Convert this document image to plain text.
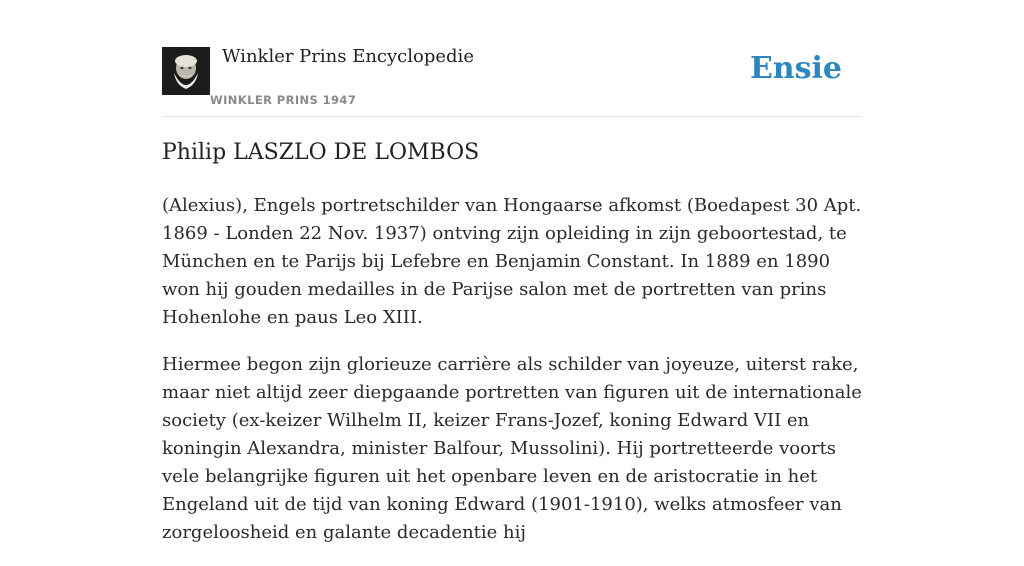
Winkler Prins Encyclopedie
WINKLER PRINS 1947
Ensie
Philip LASZLO DE LOMBOS

(Alexius), Engels portretschilder van Hongaarse afkomst (Boedapest 30 Apt. 1869 - Londen 22 Nov. 1937) ontving zijn opleiding in zijn geboortestad, te München en te Parijs bij Lefebre en Benjamin Constant. In 1889 en 1890 won hij gouden medailles in de Parijse salon met de portretten van prins Hohenlohe en paus Leo XIII.

Hiermee begon zijn glorieuze carrière als schilder van joyeuze, uiterst rake, maar niet altijd zeer diepgaande portretten van figuren uit de internationale society (ex-keizer Wilhelm II, keizer Frans-Jozef, koning Edward VII en koningin Alexandra, minister Balfour, Mussolini). Hij portretteerde voorts vele belangrijke figuren uit het openbare leven en de aristocratie in het Engeland uit de tijd van koning Edward (1901-1910), welks atmosfeer van zorgeloosheid en galante decadentie hij
